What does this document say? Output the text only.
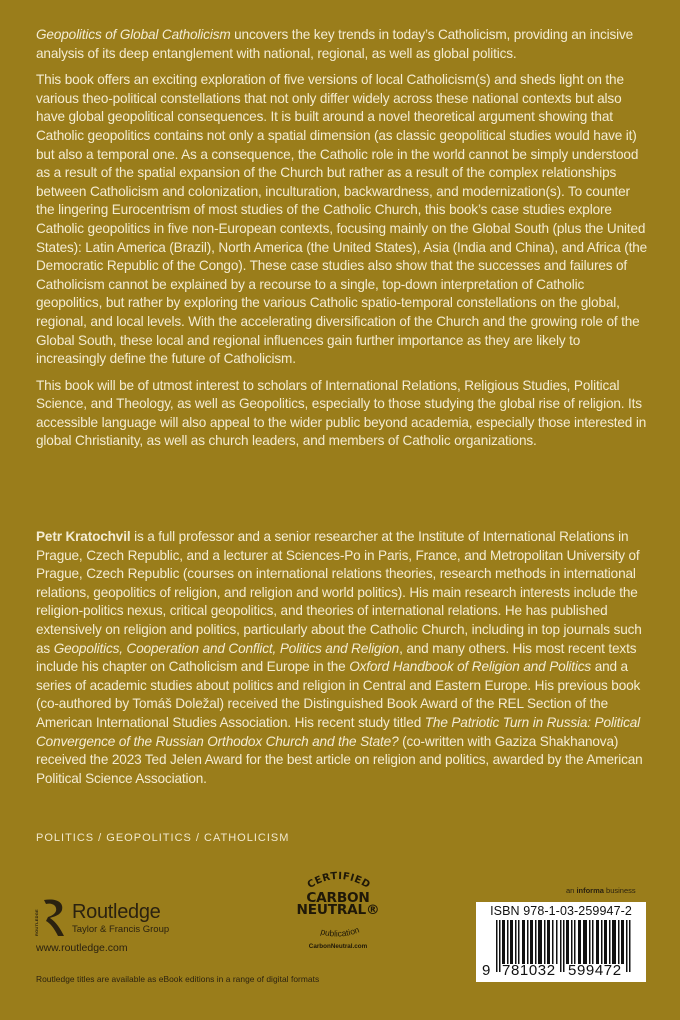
Geopolitics of Global Catholicism uncovers the key trends in today’s Catholicism, providing an incisive analysis of its deep entanglement with national, regional, as well as global politics.

This book offers an exciting exploration of five versions of local Catholicism(s) and sheds light on the various theo-political constellations that not only differ widely across these national contexts but also have global geopolitical consequences. It is built around a novel theoretical argument showing that Catholic geopolitics contains not only a spatial dimension (as classic geopolitical studies would have it) but also a temporal one. As a consequence, the Catholic role in the world cannot be simply understood as a result of the spatial expansion of the Church but rather as a result of the complex relationships between Catholicism and colonization, inculturation, backwardness, and modernization(s). To counter the lingering Eurocentrism of most studies of the Catholic Church, this book’s case studies explore Catholic geopolitics in five non-European contexts, focusing mainly on the Global South (plus the United States): Latin America (Brazil), North America (the United States), Asia (India and China), and Africa (the Democratic Republic of the Congo). These case studies also show that the successes and failures of Catholicism cannot be explained by a recourse to a single, top-down interpretation of Catholic geopolitics, but rather by exploring the various Catholic spatio-temporal constellations on the global, regional, and local levels. With the accelerating diversification of the Church and the growing role of the Global South, these local and regional influences gain further importance as they are likely to increasingly define the future of Catholicism.

This book will be of utmost interest to scholars of International Relations, Religious Studies, Political Science, and Theology, as well as Geopolitics, especially to those studying the global rise of religion. Its accessible language will also appeal to the wider public beyond academia, especially those interested in global Christianity, as well as church leaders, and members of Catholic organizations.

Petr Kratochvil is a full professor and a senior researcher at the Institute of International Relations in Prague, Czech Republic, and a lecturer at Sciences-Po in Paris, France, and Metropolitan University of Prague, Czech Republic (courses on international relations theories, research methods in international relations, geopolitics of religion, and religion and world politics). His main research interests include the religion-politics nexus, critical geopolitics, and theories of international relations. He has published extensively on religion and politics, particularly about the Catholic Church, including in top journals such as Geopolitics, Cooperation and Conflict, Politics and Religion, and many others. His most recent texts include his chapter on Catholicism and Europe in the Oxford Handbook of Religion and Politics and a series of academic studies about politics and religion in Central and Eastern Europe. His previous book (co-authored by Tomáš Doležal) received the Distinguished Book Award of the REL Section of the American International Studies Association. His recent study titled The Patriotic Turn in Russia: Political Convergence of the Russian Orthodox Church and the State? (co-written with Gaziza Shakhanova) received the 2023 Ted Jelen Award for the best article on religion and politics, awarded by the American Political Science Association.

POLITICS / GEOPOLITICS / CATHOLICISM
ROUTLEDGE Routledge
Taylor & Francis Group
www.routledge.com
Routledge titles are available as eBook editions in a range of digital formats
CERTIFIED
publication
CARBON
NEUTRAL®
CarbonNeutral.com
an informa business
ISBN 978-1-03-259947-2
9 781032 599472
